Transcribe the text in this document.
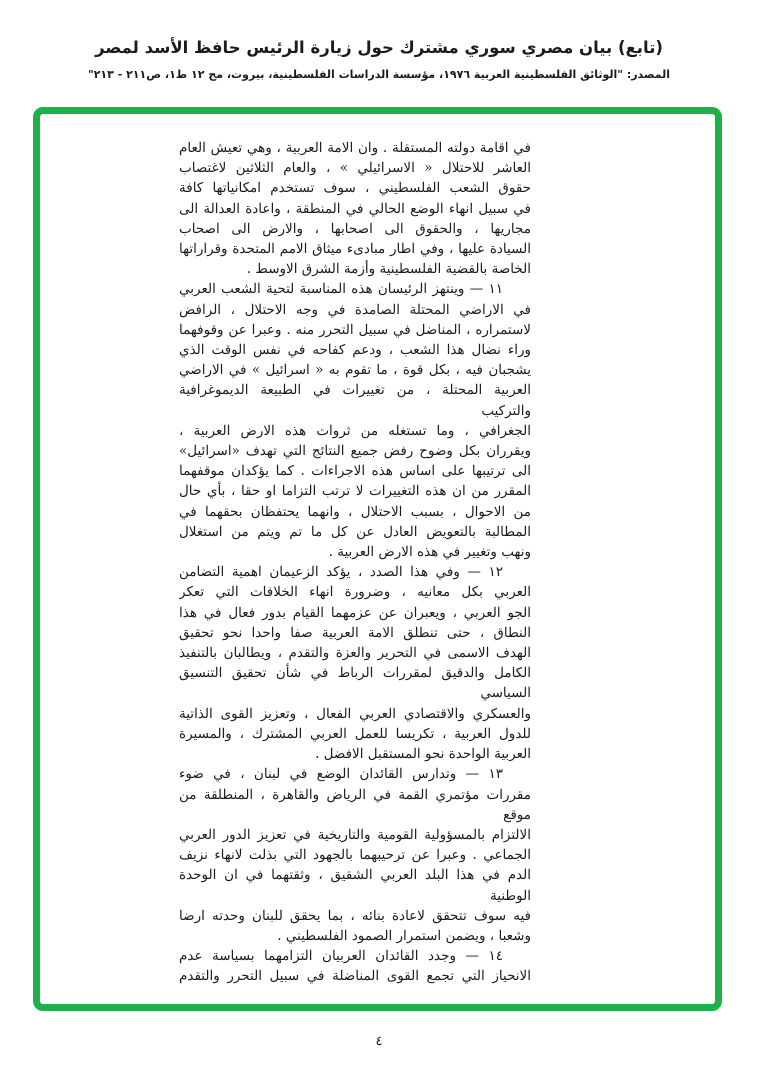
(تابع) بيان مصري سوري مشترك حول زيارة الرئيس حافظ الأسد لمصر
المصدر: "الوثائق الفلسطينية العربية ١٩٧٦، مؤسسة الدراسات الفلسطينية، بيروت، مج ١٢ ط١، ص٢١١ - ٢١٣"
في اقامة دولته المستقلة . وان الامة العربية ، وهي تعيش العام
العاشر للاحتلال « الاسرائيلي » ، والعام الثلاثين لاغتصاب
حقوق الشعب الفلسطيني ، سوف تستخدم امكانياتها كافة
في سبيل انهاء الوضع الحالي في المنطقة ، واعادة العدالة الى
مجاريها ، والحقوق الى اصحابها ، والارض الى اصحاب
السيادة عليها ، وفي اطار مبادىء ميثاق الامم المتحدة وقراراتها
الخاصة بالقضية الفلسطينية وأزمة الشرق الاوسط .
١١ — وينتهز الرئيسان هذه المناسبة لتحية الشعب العربي
في الاراضي المحتلة الصامدة في وجه الاحتلال ، الرافض
لاستمراره ، المناضل في سبيل التحرر منه . وعبرا عن وقوفهما
وراء نضال هذا الشعب ، ودعم كفاحه في نفس الوقت الذي
يشجبان فيه ، بكل قوة ، ما تقوم به « اسرائيل » في الاراضي
العربية المحتلة ، من تغييرات في الطبيعة الديموغرافية والتركيب
الجغرافي ، وما تستغله من ثروات هذه الارض العربية ،
ويقرران بكل وضوح رفض جميع النتائج التي تهدف «اسرائيل»
الى ترتيبها على اساس هذه الاجراءات . كما يؤكدان موقفهما
المقرر من ان هذه التغييرات لا ترتب التزاما او حقا ، بأي حال
من الاحوال ، بسبب الاحتلال ، وانهما يحتفظان بحقهما في
المطالبة بالتعويض العادل عن كل ما تم ويتم من استغلال
ونهب وتغيير في هذه الارض العربية .
١٢ — وفي هذا الصدد ، يؤكد الزعيمان اهمية التضامن
العربي بكل معانيه ، وضرورة انهاء الخلافات التي تعكر
الجو العربي ، ويعبران عن عزمهما القيام بدور فعال في هذا
النطاق ، حتى تنطلق الامة العربية صفا واحدا نحو تحقيق
الهدف الاسمى في التحرير والعزة والتقدم ، ويطالبان بالتنفيذ
الكامل والدقيق لمقررات الرباط في شأن تحقيق التنسيق السياسي
والعسكري والاقتصادي العربي الفعال ، وتعزيز القوى الذاتية
للدول العربية ، تكريسا للعمل العربي المشترك ، والمسيرة
العربية الواحدة نحو المستقبل الافضل .
١٣ — وتدارس القائدان الوضع في لبنان ، في ضوء
مقررات مؤتمري القمة في الرياض والقاهرة ، المنطلقة من موقع
الالتزام بالمسؤولية القومية والتاريخية في تعزيز الدور العربي
الجماعي . وعبرا عن ترحيبهما بالجهود التي بذلت لانهاء نزيف
الدم في هذا البلد العربي الشقيق ، وثقتهما في ان الوحدة الوطنية
فيه سوف تتحقق لاعادة بنائه ، بما يحقق للبنان وحدته ارضا
وشعبا ، ويضمن استمرار الصمود الفلسطيني .
١٤ — وجدد القائدان العربيان التزامهما بسياسة عدم
الانحياز التي تجمع القوى المناضلة في سبيل التحرر والتقدم
٤
